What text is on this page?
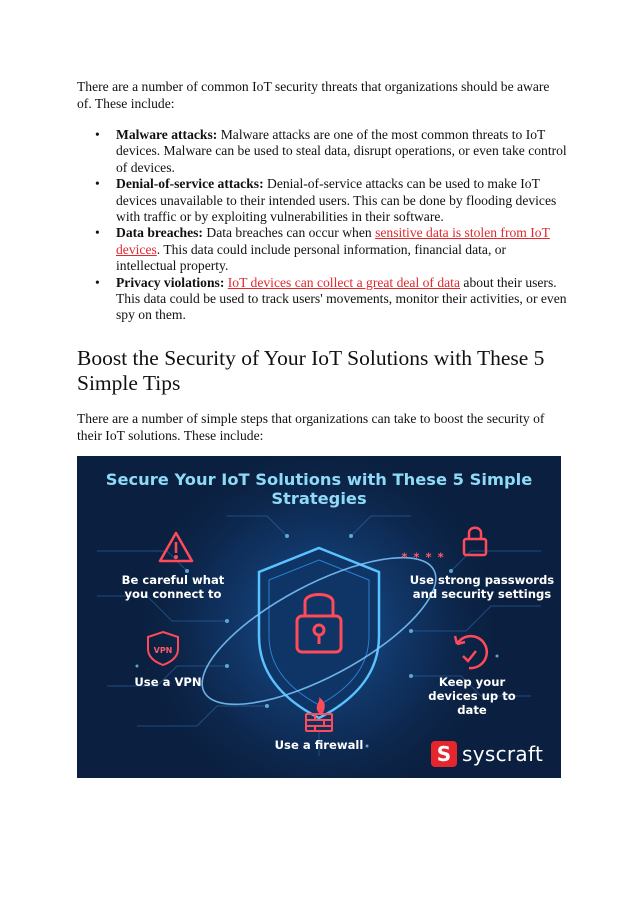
There are a number of common IoT security threats that organizations should be aware of. These include:

• Malware attacks: Malware attacks are one of the most common threats to IoT devices. Malware can be used to steal data, disrupt operations, or even take control of devices.
• Denial-of-service attacks: Denial-of-service attacks can be used to make IoT devices unavailable to their intended users. This can be done by flooding devices with traffic or by exploiting vulnerabilities in their software.
• Data breaches: Data breaches can occur when sensitive data is stolen from IoT devices. This data could include personal information, financial data, or intellectual property.
• Privacy violations: IoT devices can collect a great deal of data about their users. This data could be used to track users' movements, monitor their activities, or even spy on them.
Boost the Security of Your IoT Solutions with These 5 Simple Tips

There are a number of simple steps that organizations can take to boost the security of their IoT solutions. These include:

Secure Your IoT Solutions with These 5 Simple Strategies
Be careful what you connect to
Use strong passwords and security settings
* * * *
VPN
Use a VPN	Keep your devices up to date
Use a firewall	S syscraft
